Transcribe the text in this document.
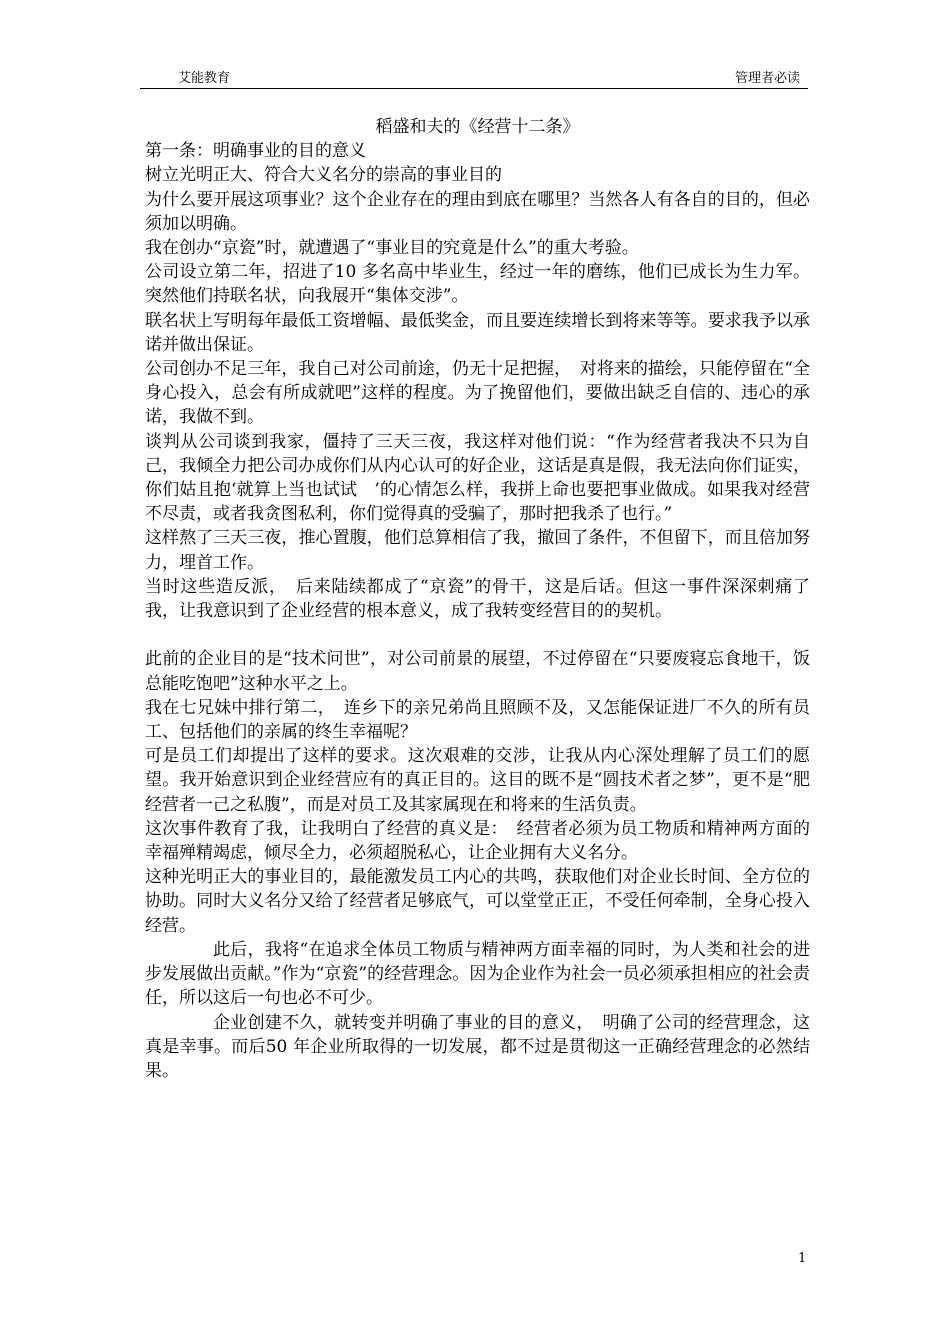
艾能教育	管理者必读

稻盛和夫的《经营十二条》

第一条：明确事业的目的意义

树立光明正大、符合大义名分的崇高的事业目的

为什么要开展这项事业？这个企业存在的理由到底在哪里？当然各人有各自的目的，但必须加以明确。

我在创办“京瓷”时，就遭遇了“事业目的究竟是什么”的重大考验。

公司设立第二年，招进了10 多名高中毕业生，经过一年的磨练，他们已成长为生力军。突然他们持联名状，向我展开“集体交涉”。

联名状上写明每年最低工资增幅、最低奖金，而且要连续增长到将来等等。要求我予以承诺并做出保证。

公司创办不足三年，我自己对公司前途，仍无十足把握，　对将来的描绘，只能停留在“全身心投入，总会有所成就吧”这样的程度。为了挽留他们，要做出缺乏自信的、违心的承诺，我做不到。

谈判从公司谈到我家，僵持了三天三夜，我这样对他们说：“作为经营者我决不只为自己，我倾全力把公司办成你们从内心认可的好企业，这话是真是假，我无法向你们证实，你们姑且抱‘就算上当也试试　’的心情怎么样，我拼上命也要把事业做成。如果我对经营不尽责，或者我贪图私利，你们觉得真的受骗了，那时把我杀了也行。”

这样熬了三天三夜，推心置腹，他们总算相信了我，撤回了条件，不但留下，而且倍加努力，埋首工作。

当时这些造反派，　后来陆续都成了“京瓷”的骨干，这是后话。但这一事件深深刺痛了我，让我意识到了企业经营的根本意义，成了我转变经营目的的契机。

此前的企业目的是“技术问世”，对公司前景的展望，不过停留在“只要废寝忘食地干，饭总能吃饱吧”这种水平之上。

我在七兄妹中排行第二，　连乡下的亲兄弟尚且照顾不及，又怎能保证进厂不久的所有员工、包括他们的亲属的终生幸福呢？

可是员工们却提出了这样的要求。这次艰难的交涉，让我从内心深处理解了员工们的愿望。我开始意识到企业经营应有的真正目的。这目的既不是“圆技术者之梦”，更不是“肥经营者一己之私腹”，而是对员工及其家属现在和将来的生活负责。

这次事件教育了我，让我明白了经营的真义是：　经营者必须为员工物质和精神两方面的幸福殚精竭虑，倾尽全力，必须超脱私心，让企业拥有大义名分。

这种光明正大的事业目的，最能激发员工内心的共鸣，获取他们对企业长时间、全方位的协助。同时大义名分又给了经营者足够底气，可以堂堂正正，不受任何牵制，全身心投入经营。

此后，我将“在追求全体员工物质与精神两方面幸福的同时，为人类和社会的进步发展做出贡献。”作为“京瓷”的经营理念。因为企业作为社会一员必须承担相应的社会责任，所以这后一句也必不可少。

企业创建不久，就转变并明确了事业的目的意义，　明确了公司的经营理念，这真是幸事。而后50 年企业所取得的一切发展，都不过是贯彻这一正确经营理念的必然结果。

1
